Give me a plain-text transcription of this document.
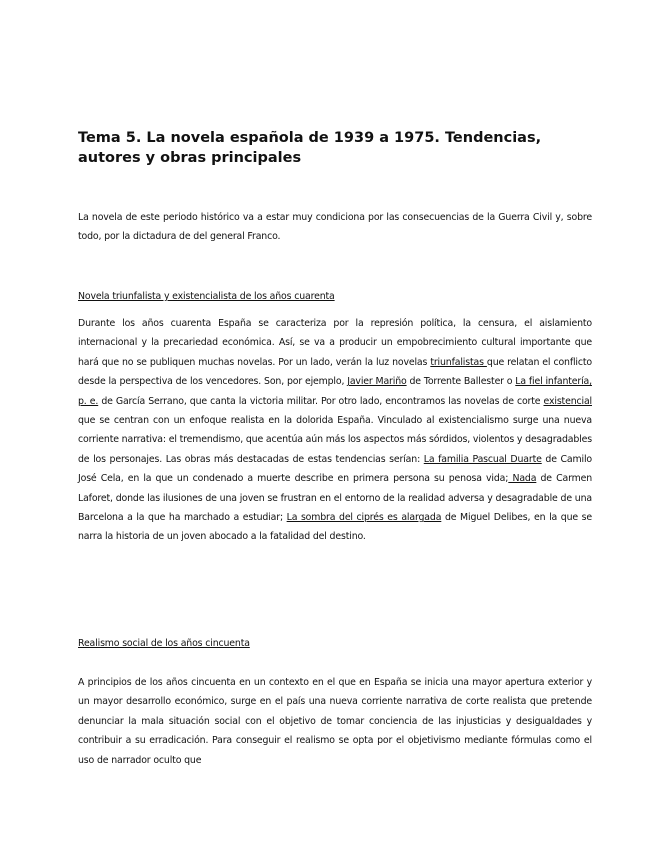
Tema 5. La novela española de 1939 a 1975. Tendencias, autores y obras principales

La novela de este periodo histórico va a estar muy condiciona por las consecuencias de la Guerra Civil y, sobre todo, por la dictadura de del general Franco.

Novela triunfalista y existencialista de los años cuarenta

Durante los años cuarenta España se caracteriza por la represión política, la censura, el aislamiento internacional y la precariedad económica. Así, se va a producir un empobrecimiento cultural importante que hará que no se publiquen muchas novelas. Por un lado, verán la luz novelas triunfalistas que relatan el conflicto desde la perspectiva de los vencedores. Son, por ejemplo, Javier Mariño de Torrente Ballester o La fiel infantería, p. e. de García Serrano, que canta la victoria militar. Por otro lado, encontramos las novelas de corte existencial que se centran con un enfoque realista en la dolorida España. Vinculado al existencialismo surge una nueva corriente narrativa: el tremendismo, que acentúa aún más los aspectos más sórdidos, violentos y desagradables de los personajes. Las obras más destacadas de estas tendencias serían: La familia Pascual Duarte de Camilo José Cela, en la que un condenado a muerte describe en primera persona su penosa vida; Nada de Carmen Laforet, donde las ilusiones de una joven se frustran en el entorno de la realidad adversa y desagradable de una Barcelona a la que ha marchado a estudiar; La sombra del ciprés es alargada de Miguel Delibes, en la que se narra la historia de un joven abocado a la fatalidad del destino.

Realismo social de los años cincuenta

A principios de los años cincuenta en un contexto en el que en España se inicia una mayor apertura exterior y un mayor desarrollo económico, surge en el país una nueva corriente narrativa de corte realista que pretende denunciar la mala situación social con el objetivo de tomar conciencia de las injusticias y desigualdades y contribuir a su erradicación. Para conseguir el realismo se opta por el objetivismo mediante fórmulas como el uso de narrador oculto que
